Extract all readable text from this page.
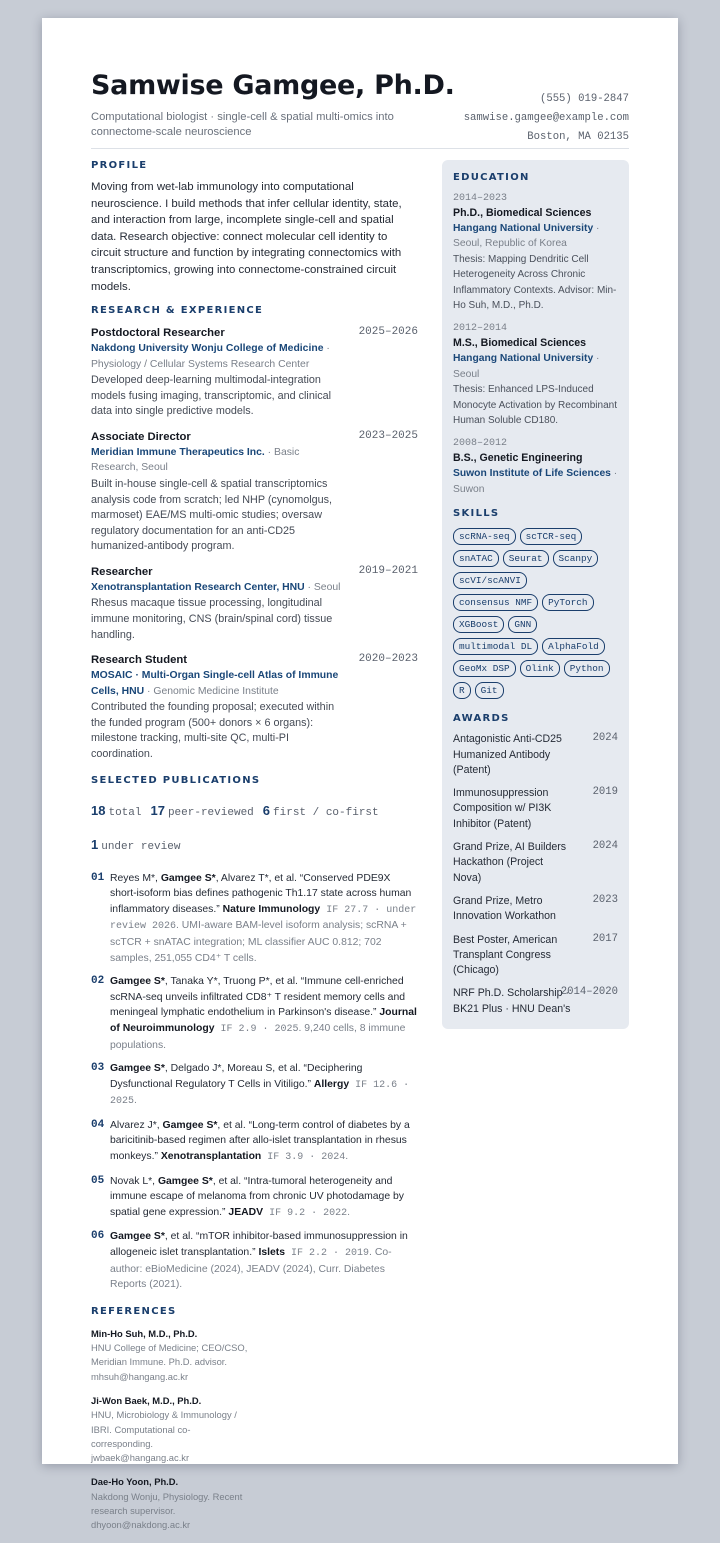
Samwise Gamgee, Ph.D.
Computational biologist · single-cell & spatial multi-omics into connectome-scale neuroscience
(555) 019-2847
samwise.gamgee@example.com
Boston, MA 02135
PROFILE
Moving from wet-lab immunology into computational neuroscience. I build methods that infer cellular identity, state, and interaction from large, incomplete single-cell and spatial data. Research objective: connect molecular cell identity to circuit structure and function by integrating connectomics with transcriptomics, growing into connectome-constrained circuit models.
RESEARCH & EXPERIENCE
Postdoctoral Researcher	2025–2026
Nakdong University Wonju College of Medicine · Physiology / Cellular Systems Research Center
Developed deep-learning multimodal-integration models fusing imaging, transcriptomic, and clinical data into single predictive models.
Associate Director	2023–2025
Meridian Immune Therapeutics Inc. · Basic Research, Seoul
Built in-house single-cell & spatial transcriptomics analysis code from scratch; led NHP (cynomolgus, marmoset) EAE/MS multi-omic studies; oversaw regulatory documentation for an anti-CD25 humanized-antibody program.
Researcher	2019–2021
Xenotransplantation Research Center, HNU · Seoul
Rhesus macaque tissue processing, longitudinal immune monitoring, CNS (brain/spinal cord) tissue handling.
Research Student	2020–2023
MOSAIC · Multi-Organ Single-cell Atlas of Immune Cells, HNU · Genomic Medicine Institute
Contributed the founding proposal; executed within the funded program (500+ donors × 6 organs): milestone tracking, multi-site QC, multi-PI coordination.
SELECTED PUBLICATIONS
18 total 17 peer-reviewed 6 first / co-first
1 under review
01 Reyes M*, Gamgee S*, Alvarez T*, et al. “Conserved PDE9X short-isoform bias defines pathogenic Th1.17 state across human inflammatory diseases.” Nature Immunology IF 27.7 · under review 2026. UMI-aware BAM-level isoform analysis; scRNA + scTCR + snATAC integration; ML classifier AUC 0.812; 702 samples, 251,055 CD4⁺ T cells.
02 Gamgee S*, Tanaka Y*, Truong P*, et al. “Immune cell-enriched scRNA-seq unveils infiltrated CD8⁺ T resident memory cells and meningeal lymphatic endothelium in Parkinson's disease.” Journal of Neuroimmunology IF 2.9 · 2025. 9,240 cells, 8 immune populations.
03 Gamgee S*, Delgado J*, Moreau S, et al. “Deciphering Dysfunctional Regulatory T Cells in Vitiligo.” Allergy IF 12.6 · 2025.
04 Alvarez J*, Gamgee S*, et al. “Long-term control of diabetes by a baricitinib-based regimen after allo-islet transplantation in rhesus monkeys.” Xenotransplantation IF 3.9 · 2024.
05 Novak L*, Gamgee S*, et al. “Intra-tumoral heterogeneity and immune escape of melanoma from chronic UV photodamage by spatial gene expression.” JEADV IF 9.2 · 2022.
06 Gamgee S*, et al. “mTOR inhibitor-based immunosuppression in allogeneic islet transplantation.” Islets IF 2.2 · 2019. Co-author: eBioMedicine (2024), JEADV (2024), Curr. Diabetes Reports (2021).
REFERENCES
Min-Ho Suh, M.D., Ph.D.
HNU College of Medicine; CEO/CSO, Meridian Immune. Ph.D. advisor.
mhsuh@hangang.ac.kr
Ji-Won Baek, M.D., Ph.D.
HNU, Microbiology & Immunology / IBRI. Computational co-corresponding.
jwbaek@hangang.ac.kr
Dae-Ho Yoon, Ph.D.
Nakdong Wonju, Physiology. Recent research supervisor.
dhyoon@nakdong.ac.kr
EDUCATION
2014–2023
Ph.D., Biomedical Sciences
Hangang National University · Seoul, Republic of Korea
Thesis: Mapping Dendritic Cell Heterogeneity Across Chronic Inflammatory Contexts. Advisor: Min-Ho Suh, M.D., Ph.D.
2012–2014
M.S., Biomedical Sciences
Hangang National University · Seoul
Thesis: Enhanced LPS-Induced Monocyte Activation by Recombinant Human Soluble CD180.
2008–2012
B.S., Genetic Engineering
Suwon Institute of Life Sciences · Suwon
SKILLS
scRNA-seq	scTCR-seq
snATAC	Seurat	Scanpy
scVI/scANVI
consensus NMF	PyTorch
XGBoost	GNN
multimodal DL	AlphaFold
GeoMx DSP	Olink	Python
R	Git
AWARDS
Antagonistic Anti-CD25 Humanized Antibody (Patent)
2024
Immunosuppression Composition w/ PI3K Inhibitor (Patent)
2019
Grand Prize, AI Builders Hackathon (Project Nova)
2024
Grand Prize, Metro Innovation Workathon
2023
Best Poster, American Transplant Congress (Chicago)
2017
NRF Ph.D. Scholarship · BK21 Plus · HNU Dean's
2014–2020
